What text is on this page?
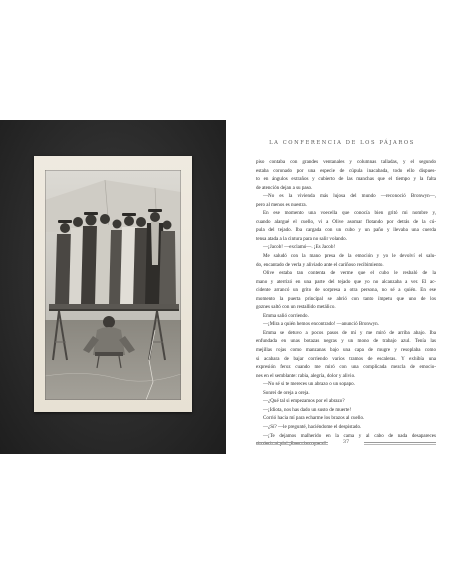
LA CONFERENCIA DE LOS PÁJAROS
piso contaba con grandes ventanales y columnas talladas, y el segundo
estaba coronado por una especie de cúpula inacabada, todo ello dispues-
to en ángulos extraños y cubierto de las manchas que el tiempo y la falta
de atención dejan a su paso.
—No es la vivienda más lujosa del mundo —reconoció Bronwyn—,
pero al menos es nuestra.
En ese momento una voecella que conocía bien gritó mi nombre y,
cuando alargué el cuello, vi a Olive asomar flotando por detrás de la cú-
pula del tejado. Iba cargada con un cubo y un paño y llevaba una cuerda
tensa atada a la cintura para no salir volando.
—¡Jacob! —exclamó—. ¡Es Jacob!
Me saludó con la mano presa de la emoción y yo le devolví el salu-
do, encantado de verla y aliviado ante el cariñoso recibimiento.
Olive estaba tan contenta de verme que el cubo le resbaló de la
mano y aterrizó en una parte del tejado que yo no alcanzaba a ver. El ac-
cidente arrancó un grito de sorpresa a otra persona, no sé a quién. En ese
momento la puerta principal se abrió con tanto ímpetu que uno de los
goznes saltó con un restallido metálico.
Emma salió corriendo.
—¡Mira a quién hemos encontrado! —anunció Bronwyn.
Emma se detuvo a pocos pasos de mí y me miró de arriba abajo. Iba
enfundada en unas botazas negras y un mono de trabajo azul. Tenía las
mejillas rojas como manzanas bajo una capa de mugre y resoplaba como
si acabara de bajar corriendo varios tramos de escaleras. Y exhibía una
expresión feroz cuando me miró con una complicada mezcla de emocio-
nes en el semblante: rabia, alegría, dolor y alivio.
—No sé si te mereces un abrazo o un sopapo.
Sonreí de oreja a oreja.
—¿Qué tal si empezamos por el abrazo?
—¡Idiota, nos has dado un susto de muerte!
Corrió hacia mí para echarme los brazos al cuello.
—¿Sí? —le pregunté, haciéndome el despistado.
—¡Te dejamos malherido en la cama y al cabo de nada desapareces
sin decir ni pío! ¡Pues claro que sí!	37
